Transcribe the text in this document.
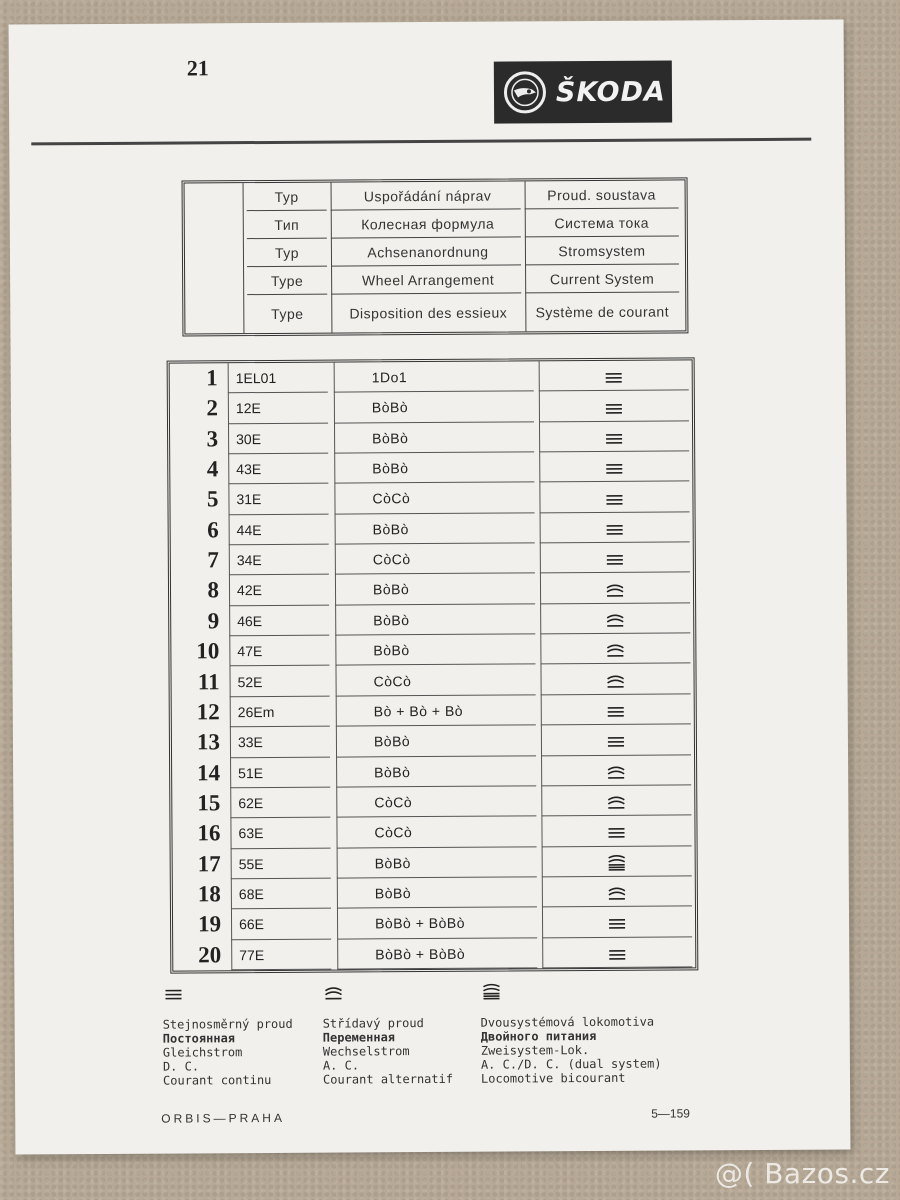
21
ŠKODA
Typ	Uspořádání náprav	Proud. soustava
Тип	Колесная формула	Система тока
Typ	Achsenanordnung	Stromsystem
Type	Wheel Arrangement	Current System
Type	Disposition des essieux	Système de courant
1	1EL01	1Do1
2	12E	BòBò
3	30E	BòBò
4	43E	BòBò
5	31E	CòCò
6	44E	BòBò
7	34E	CòCò
8	42E	BòBò
9	46E	BòBò
10	47E	BòBò
11	52E	CòCò
12	26Em	Bò + Bò + Bò
13	33E	BòBò
14	51E	BòBò
15	62E	CòCò
16	63E	CòCò
17	55E	BòBò
18	68E	BòBò
19	66E	BòBò + BòBò
20	77E	BòBò + BòBò
Stejnosměrný proud
Постоянная
Gleichstrom
D. C.
Courant continu
Střídavý proud
Переменная
Wechselstrom
A. C.
Courant alternatif
Dvousystémová lokomotiva
Двойного питания
Zweisystem-Lok.
A. C./D. C. (dual system)
Locomotive bicourant
ORBIS—PRAHA	5—159
@( Bazos.cz
